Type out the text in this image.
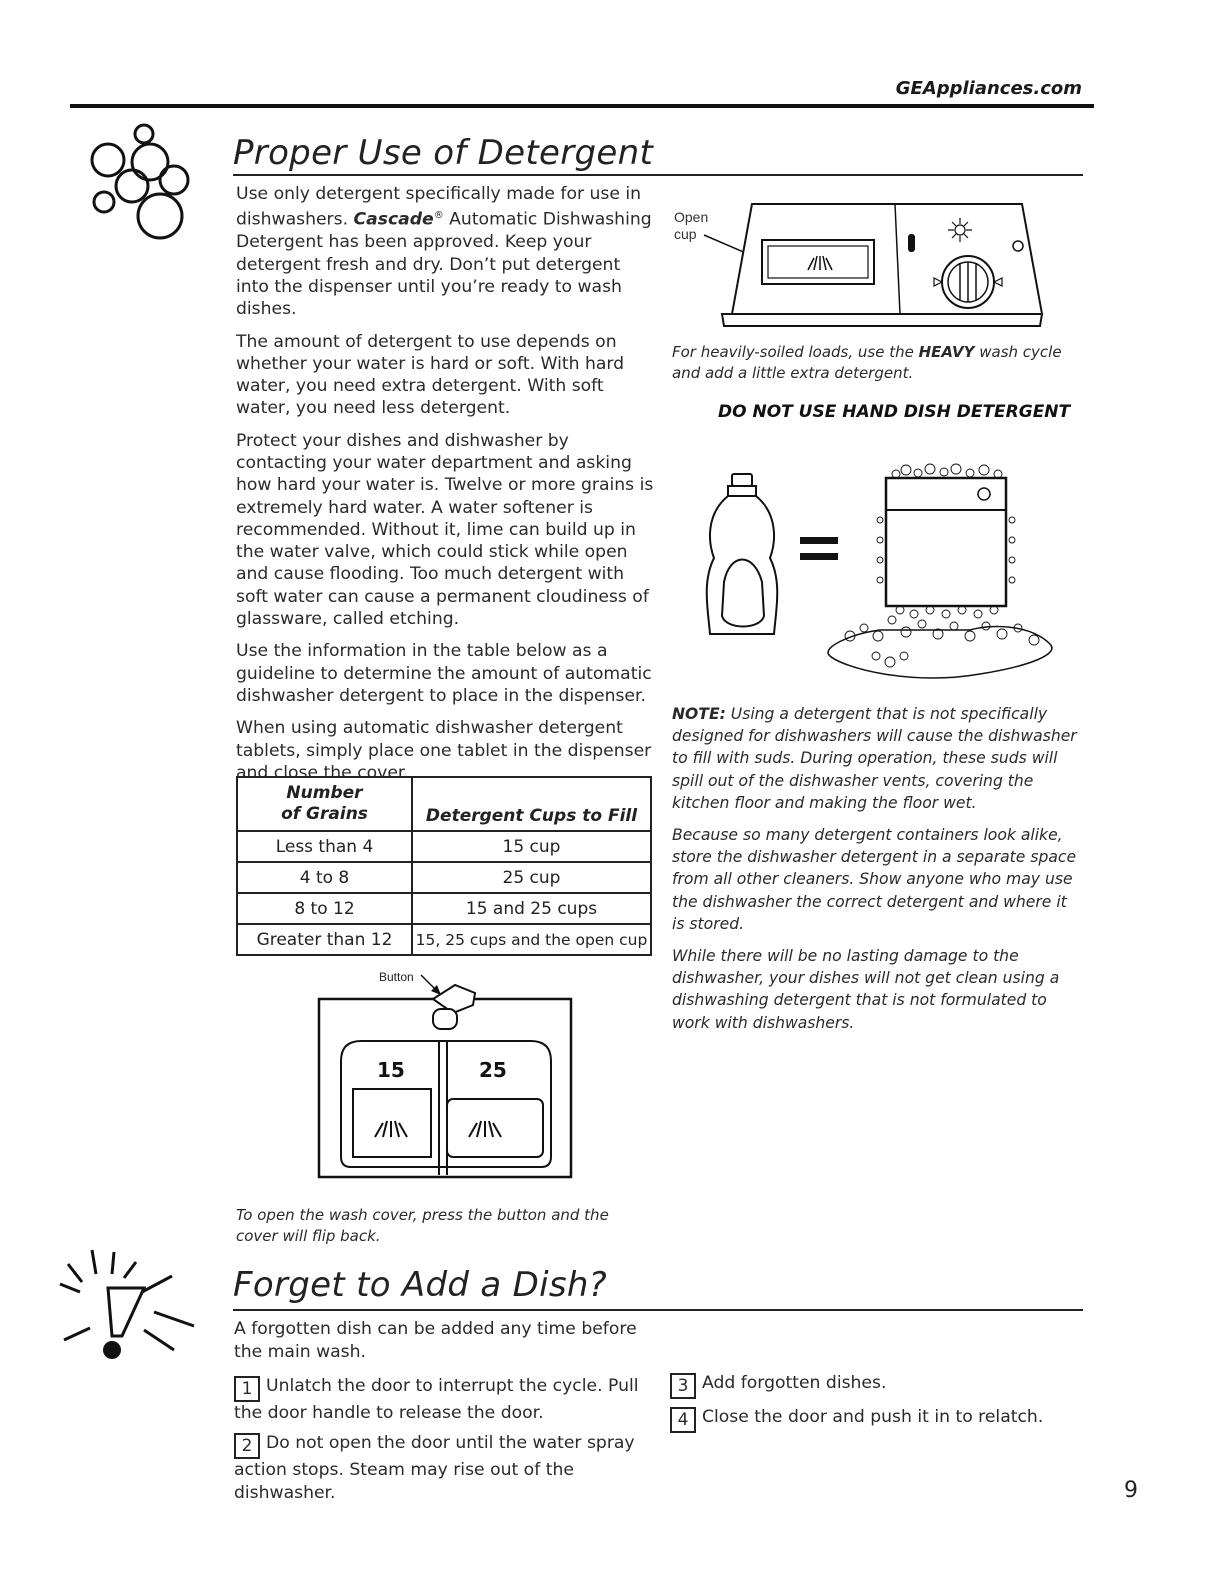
GEAppliances.com
Proper Use of Detergent

Use only detergent specifically made for use in dishwashers. Cascade® Automatic Dishwashing Detergent has been approved. Keep your detergent fresh and dry. Don’t put detergent into the dispenser until you’re ready to wash dishes.

The amount of detergent to use depends on whether your water is hard or soft. With hard water, you need extra detergent. With soft water, you need less detergent.

Protect your dishes and dishwasher by contacting your water department and asking how hard your water is. Twelve or more grains is extremely hard water. A water softener is recommended. Without it, lime can build up in the water valve, which could stick while open and cause flooding. Too much detergent with soft water can cause a permanent cloudiness of glassware, called etching.

Use the information in the table below as a guideline to determine the amount of automatic dishwasher detergent to place in the dispenser.

When using automatic dishwasher detergent tablets, simply place one tablet in the dispenser and close the cover.

Number
of Grains	Detergent Cups to Fill
Less than 4	15 cup
4 to 8	25 cup
8 to 12	15 and 25 cups
Greater than 12	15, 25 cups and the open cup
Button
15	25
To open the wash cover, press the button and the cover will flip back.
Open
cup
For heavily-soiled loads, use the HEAVY wash cycle and add a little extra detergent.
DO NOT USE HAND DISH DETERGENT

NOTE: Using a detergent that is not specifically designed for dishwashers will cause the dishwasher to fill with suds. During operation, these suds will spill out of the dishwasher vents, covering the kitchen floor and making the floor wet.

Because so many detergent containers look alike, store the dishwasher detergent in a separate space from all other cleaners. Show anyone who may use the dishwasher the correct detergent and where it is stored.

While there will be no lasting damage to the dishwasher, your dishes will not get clean using a dishwashing detergent that is not formulated to work with dishwashers.

Forget to Add a Dish?
A forgotten dish can be added any time before the main wash.
1 Unlatch the door to interrupt the cycle. Pull the door handle to release the door.
2 Do not open the door until the water spray action stops. Steam may rise out of the dishwasher.
3 Add forgotten dishes.
4 Close the door and push it in to relatch.
9
